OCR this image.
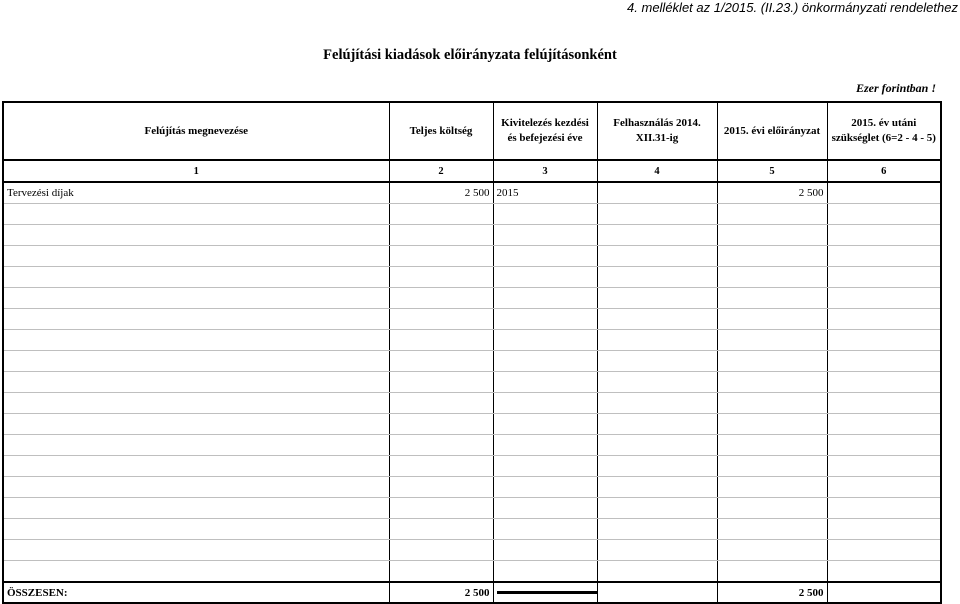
4. melléklet az 1/2015. (II.23.) önkormányzati rendelethez
Felújítási kiadások előirányzata felújításonként
Ezer forintban !
Felújítás megnevezése	Teljes költség	Kivitelezés kezdési és befejezési éve	Felhasználás 2014. XII.31-ig	2015. évi előirányzat	2015. év utáni szükséglet (6=2 - 4 - 5)
1	2	3	4	5	6
Tervezési díjak	2 500	2015		2 500	

ÖSSZESEN:	2 500			2 500	
